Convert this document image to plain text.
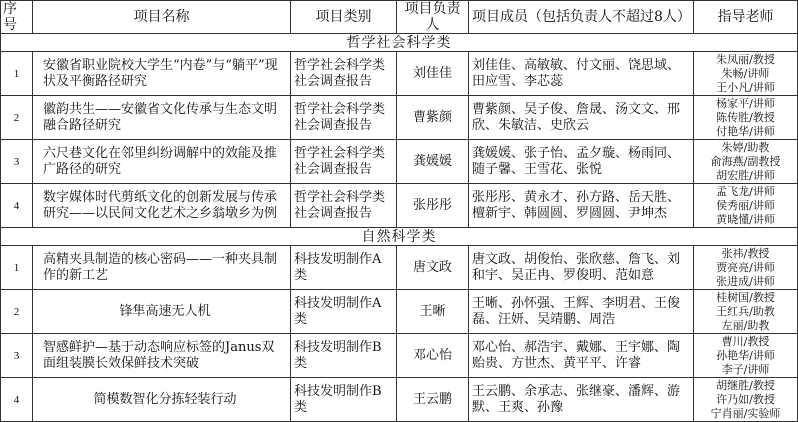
序号	项目名称	项目类别	项目负责人	项目成员（包括负责人不超过8人）	指导老师
哲学社会科学类					
1	安徽省职业院校大学生“内卷”与“躺平”现状及平衡路径研究	哲学社会科学类社会调查报告	刘佳佳	刘佳佳、高敏敏、付文丽、饶思域、田应雪、李芯蕊	朱凤丽/教授
朱畅/讲师
王小凡/讲师

2	徽韵共生——安徽省文化传承与生态文明融合路径研究	哲学社会科学类社会调查报告	曹紫颜	曹紫颜、吴子俊、詹晟、汤文文、邢欣、朱敏洁、史欣云	杨家平/讲师
陈传胜/教授
付艳华/讲师

3	六尺巷文化在邻里纠纷调解中的效能及推广路径的研究	哲学社会科学类社会调查报告	龚媛媛	龚媛媛、张子怡、孟夕璇、杨雨同、随子馨、王雪花、张悦	朱婷/助教
俞海燕/副教授
胡宏胜/讲师

4	数字媒体时代剪纸文化的创新发展与传承研究——以民间文化艺术之乡翁墩乡为例	哲学社会科学类社会调查报告	张彤彤	张彤彤、黄永才、孙方路、岳天胜、檀新宇、韩圆圆、罗圆圆、尹坤杰	孟飞龙/讲师
侯秀丽/讲师
黄晓懂/讲师

自然科学类					
1	高精夹具制造的核心密码——一种夹具制作的新工艺	科技发明制作A类	唐文政	唐文政、胡俊怡、张欣慈、詹飞、刘和宇、吴正冉、罗俊明、范如意	张祎/教授
贾亮亮/讲师
张进成/讲师

2	锋隼高速无人机	科技发明制作A类	王晰	王晰、孙怀强、王辉、李明君、王俊磊、汪妍、吴靖鹏、周浩	桂树国/教授
王红兵/助教
左丽/助教

3	智感鲜护—基于动态响应标签的Janus双面组装膜长效保鲜技术突破	科技发明制作B类	邓心怡	邓心怡、郝浩宇、戴娜、王宇娜、陶贻贵、方世杰、黄平平、许睿	曹川/教授
孙艳华/讲师
李子/讲师

4	简模数智化分拣轻装行动	科技发明制作B类	王云鹏	王云鹏、余承志、张继豪、潘辉、游默、王爽、孙豫	胡继胜/教授
许乃如/教授
宁肖丽/实验师
